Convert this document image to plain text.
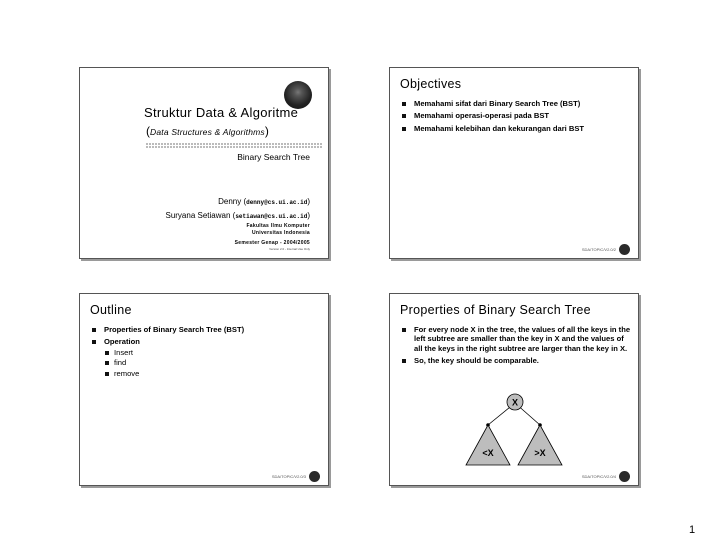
Struktur Data & Algoritme
(Data Structures & Algorithms)
Binary Search Tree
Denny (denny@cs.ui.ac.id)
Suryana Setiawan (setiawan@cs.ui.ac.id)
Fakultas Ilmu Komputer
Universitas Indonesia
Semester Genap - 2004/2005
Version 2.0 - Internal Use Only
Objectives
Memahami sifat dari Binary Search Tree (BST)
Memahami operasi-operasi pada BST
Memahami kelebihan dan kekurangan dari BST
SDA/TOPIC/V2.0/2
Outline
Properties of Binary Search Tree (BST)
Operation
Insert
find
remove
SDA/TOPIC/V2.0/3
Properties of Binary Search Tree
For every node X in the tree, the values of all the keys in the left subtree are smaller than the key in X and the values of all the keys in the right subtree are larger than the key in X.
So, the key should be comparable.
X
<X	>X
SDA/TOPIC/V2.0/4
1
